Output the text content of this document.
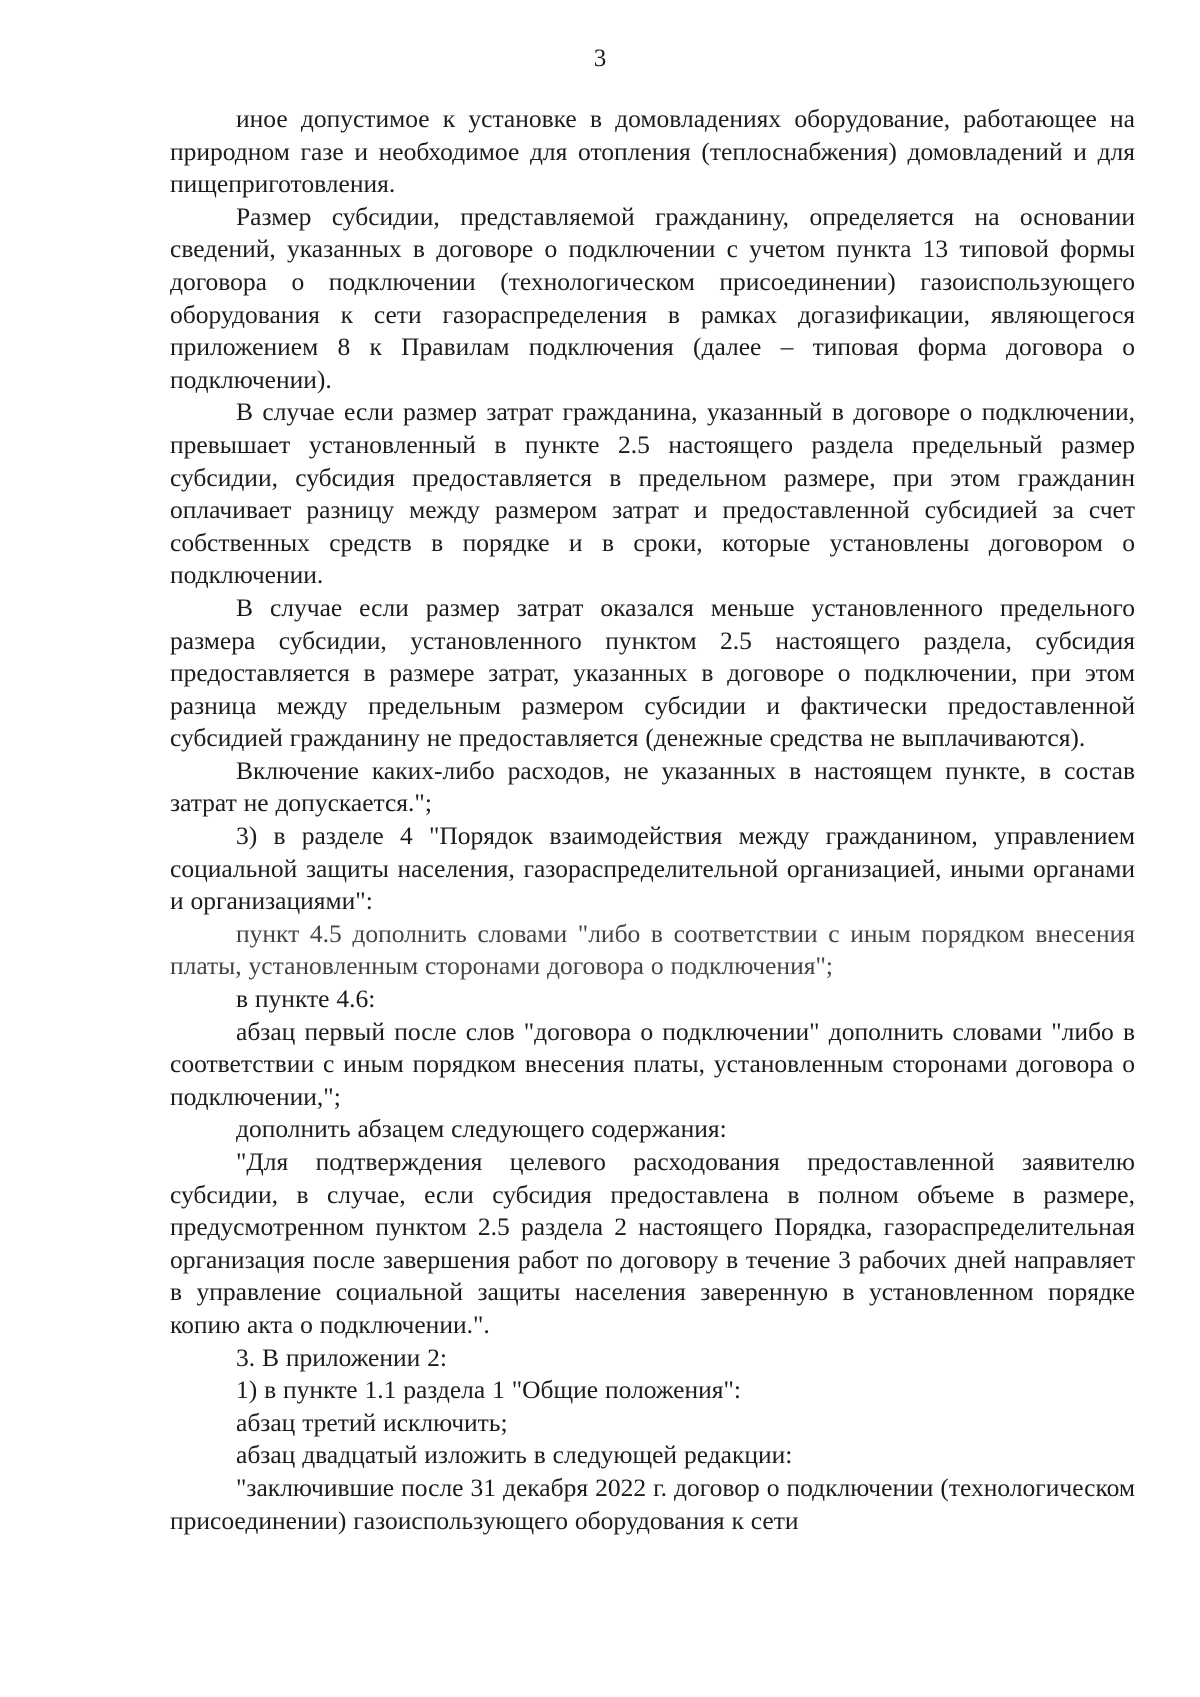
3

иное допустимое к установке в домовладениях оборудование, работающее на природном газе и необходимое для отопления (теплоснабжения) домовладений и для пищеприготовления.

Размер субсидии, представляемой гражданину, определяется на основании сведений, указанных в договоре о подключении с учетом пункта 13 типовой формы договора о подключении (технологическом присоединении) газоиспользующего оборудования к сети газораспределения в рамках догазификации, являющегося приложением 8 к Правилам подключения (далее – типовая форма договора о подключении).

В случае если размер затрат гражданина, указанный в договоре о подключении, превышает установленный в пункте 2.5 настоящего раздела предельный размер субсидии, субсидия предоставляется в предельном размере, при этом гражданин оплачивает разницу между размером затрат и предоставленной субсидией за счет собственных средств в порядке и в сроки, которые установлены договором о подключении.

В случае если размер затрат оказался меньше установленного предельного размера субсидии, установленного пунктом 2.5 настоящего раздела, субсидия предоставляется в размере затрат, указанных в договоре о подключении, при этом разница между предельным размером субсидии и фактически предоставленной субсидией гражданину не предоставляется (денежные средства не выплачиваются).

Включение каких-либо расходов, не указанных в настоящем пункте, в состав затрат не допускается.";

3) в разделе 4 "Порядок взаимодействия между гражданином, управлением социальной защиты населения, газораспределительной организацией, иными органами и организациями":

пункт 4.5 дополнить словами "либо в соответствии с иным порядком внесения платы, установленным сторонами договора о подключения";

в пункте 4.6:

абзац первый после слов "договора о подключении" дополнить словами "либо в соответствии с иным порядком внесения платы, установленным сторонами договора о подключении,";

дополнить абзацем следующего содержания:

"Для подтверждения целевого расходования предоставленной заявителю субсидии, в случае, если субсидия предоставлена в полном объеме в размере, предусмотренном пунктом 2.5 раздела 2 настоящего Порядка, газораспределительная организация после завершения работ по договору в течение 3 рабочих дней направляет в управление социальной защиты населения заверенную в установленном порядке копию акта о подключении.".

3. В приложении 2:

1) в пункте 1.1 раздела 1 "Общие положения":

абзац третий исключить;

абзац двадцатый изложить в следующей редакции:

"заключившие после 31 декабря 2022 г. договор о подключении (технологическом присоединении) газоиспользующего оборудования к сети
